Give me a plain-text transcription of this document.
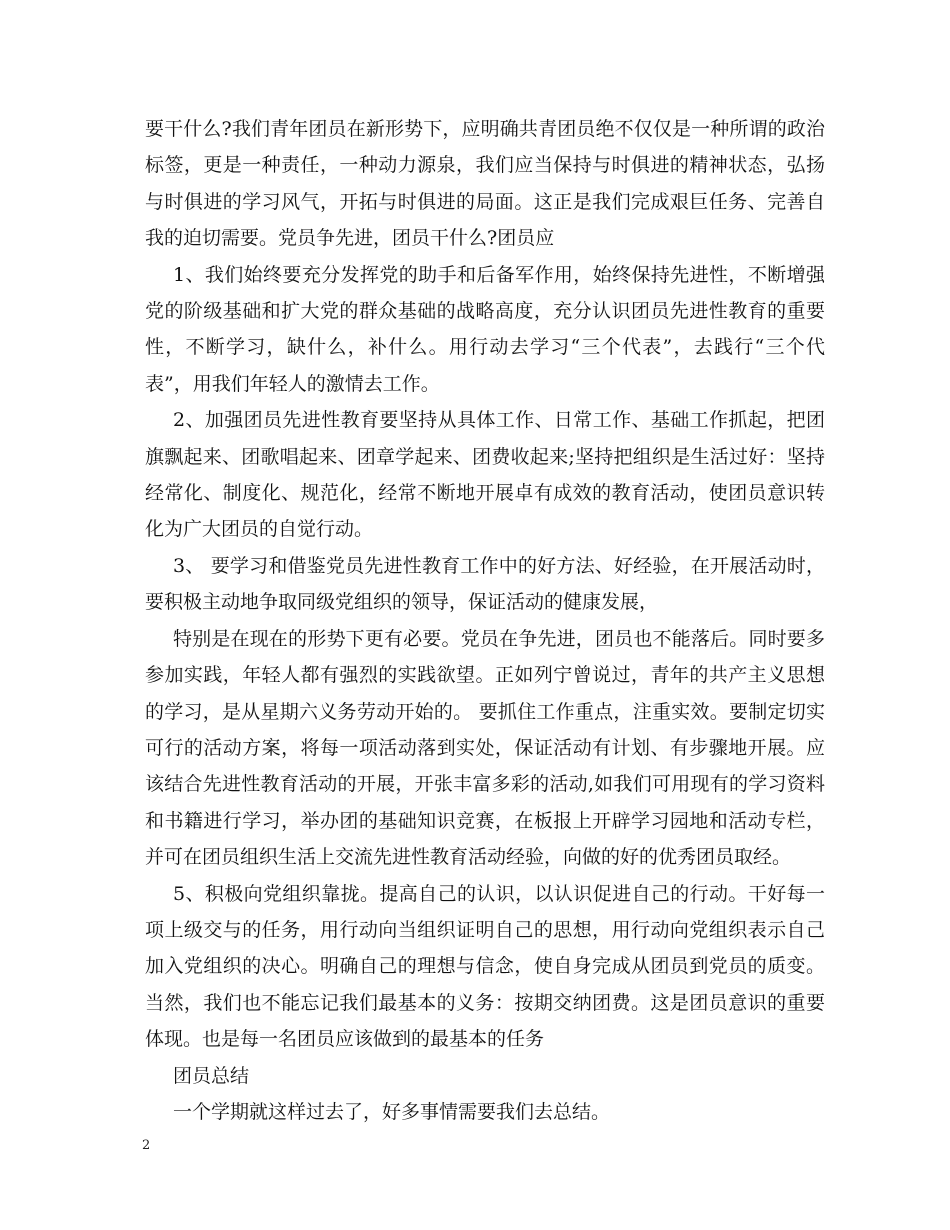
要干什么?我们青年团员在新形势下，应明确共青团员绝不仅仅是一种所谓的政治标签，更是一种责任，一种动力源泉，我们应当保持与时俱进的精神状态，弘扬与时俱进的学习风气，开拓与时俱进的局面。这正是我们完成艰巨任务、完善自我的迫切需要。党员争先进，团员干什么?团员应

1、我们始终要充分发挥党的助手和后备军作用，始终保持先进性，不断增强党的阶级基础和扩大党的群众基础的战略高度，充分认识团员先进性教育的重要性，不断学习，缺什么，补什么。用行动去学习“三个代表”，去践行“三个代表”，用我们年轻人的激情去工作。

2、加强团员先进性教育要坚持从具体工作、日常工作、基础工作抓起，把团旗飘起来、团歌唱起来、团章学起来、团费收起来;坚持把组织是生活过好：坚持经常化、制度化、规范化，经常不断地开展卓有成效的教育活动，使团员意识转化为广大团员的自觉行动。

3、 要学习和借鉴党员先进性教育工作中的好方法、好经验，在开展活动时，要积极主动地争取同级党组织的领导，保证活动的健康发展，

特别是在现在的形势下更有必要。党员在争先进，团员也不能落后。同时要多参加实践，年轻人都有强烈的实践欲望。正如列宁曾说过，青年的共产主义思想的学习，是从星期六义务劳动开始的。 要抓住工作重点，注重实效。要制定切实可行的活动方案，将每一项活动落到实处，保证活动有计划、有步骤地开展。应该结合先进性教育活动的开展，开张丰富多彩的活动,如我们可用现有的学习资料和书籍进行学习，举办团的基础知识竞赛，在板报上开辟学习园地和活动专栏，并可在团员组织生活上交流先进性教育活动经验，向做的好的优秀团员取经。

5、积极向党组织靠拢。提高自己的认识，以认识促进自己的行动。干好每一项上级交与的任务，用行动向当组织证明自己的思想，用行动向党组织表示自己加入党组织的决心。明确自己的理想与信念，使自身完成从团员到党员的质变。 当然，我们也不能忘记我们最基本的义务：按期交纳团费。这是团员意识的重要体现。也是每一名团员应该做到的最基本的任务

团员总结

一个学期就这样过去了，好多事情需要我们去总结。

2
